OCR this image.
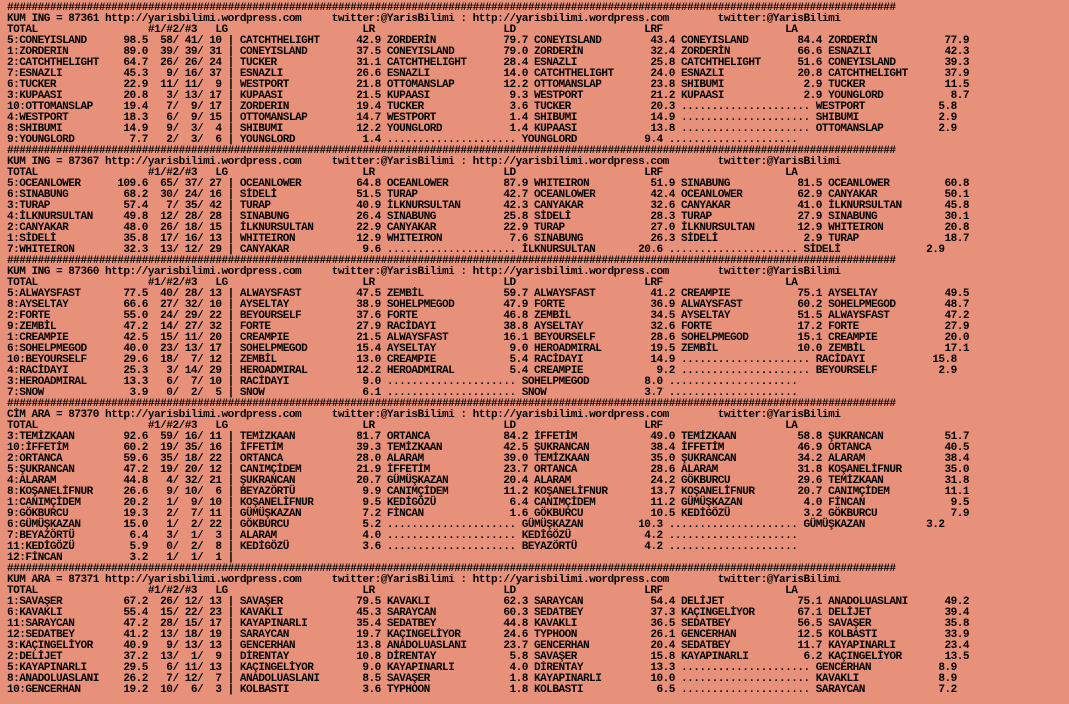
#################################################################################################################################################
KUM ING = 87361 http://yarisbilimi.wordpress.com     twitter:@YarisBilimi : http://yarisbilimi.wordpress.com        twitter:@YarisBilimi
TOTAL                  #1/#2/#3   LG                      LR                     LD                     LRF                    LA
5:CONEYISLAND      98.5  58/ 41/ 10 | CATCHTHELIGHT      42.9 ZORDERİN           79.7 CONEYISLAND        43.4 CONEYISLAND        84.4 ZORDERİN           77.9
1:ZORDERIN         89.0  39/ 39/ 31 | CONEYISLAND        37.5 CONEYISLAND        79.0 ZORDERİN           32.4 ZORDERİN           66.6 ESNAZLI            42.3
2:CATCHTHELIGHT    64.7  26/ 26/ 24 | TUCKER             31.1 CATCHTHELIGHT      28.4 ESNAZLI            25.8 CATCHTHELIGHT      51.6 CONEYISLAND        39.3
7:ESNAZLI          45.3   9/ 16/ 37 | ESNAZLI            26.6 ESNAZLI            14.0 CATCHTHELIGHT      24.0 ESNAZLI            20.8 CATCHTHELIGHT      37.9
6:TUCKER           22.9  11/ 11/  9 | WESTPORT           21.8 OTTOMANSLAP        12.2 OTTOMANSLAP        23.8 SHIBUMI             2.9 TUCKER             11.5
3:KUPAASI          20.8   3/ 13/ 17 | KUPAASI            21.5 KUPAASI             9.3 WESTPORT           21.2 KUPAASI             2.9 YOUNGLORD           8.7
10:OTTOMANSLAP     19.4   7/  9/ 17 | ZORDERIN           19.4 TUCKER              3.6 TUCKER             20.3 ..................... WESTPORT            5.8
4:WESTPORT         18.3   6/  9/ 15 | OTTOMANSLAP        14.7 WESTPORT            1.4 SHIBUMI            14.9 ..................... SHIBUMI             2.9
8:SHIBUMI          14.9   9/  3/  4 | SHIBUMI            12.2 YOUNGLORD           1.4 KUPAASI            13.8 ..................... OTTOMANSLAP         2.9
9:YOUNGLORD         7.7   2/  3/  6 | YOUNGLORD           1.4 ..................... YOUNGLORD           9.4 .....................
#################################################################################################################################################
KUM ING = 87367 http://yarisbilimi.wordpress.com     twitter:@YarisBilimi : http://yarisbilimi.wordpress.com        twitter:@YarisBilimi
TOTAL                  #1/#2/#3   LG                      LR                     LD                     LRF                    LA
5:OCEANLOWER      109.6  65/ 37/ 27 | OCEANLOWER         64.8 OCEANLOWER         87.9 WHITEIRON          51.9 SINABUNG           81.5 OCEANLOWER         60.8
6:SINABUNG         68.2  30/ 24/ 16 | SİDELİ             51.5 TURAP              42.7 OCEANLOWER         42.4 OCEANLOWER         62.9 CANYAKAR           50.1
3:TURAP            57.4   7/ 35/ 42 | TURAP              40.9 İLKNURSULTAN       42.3 CANYAKAR           32.6 CANYAKAR           41.0 İLKNURSULTAN       45.8
4:İLKNURSULTAN     49.8  12/ 28/ 28 | SINABUNG           26.4 SINABUNG           25.8 SİDELİ             28.3 TURAP              27.9 SINABUNG           30.1
2:CANYAKAR         48.0  26/ 18/ 15 | İLKNURSULTAN       22.9 CANYAKAR           22.9 TURAP              27.0 İLKNURSULTAN       12.9 WHITEIRON          20.8
1:SİDELİ           35.8  17/ 16/ 13 | WHITEIRON          12.9 WHITEIRON           7.6 SINABUNG           26.3 SİDELİ              2.9 TURAP              18.7
7:WHITEIRON        32.3  13/ 12/ 29 | CANYAKAR            9.6 ..................... İLKNURSULTAN       20.6 ..................... SİDELİ              2.9
#################################################################################################################################################
KUM ING = 87360 http://yarisbilimi.wordpress.com     twitter:@YarisBilimi : http://yarisbilimi.wordpress.com        twitter:@YarisBilimi
TOTAL                  #1/#2/#3   LG                      LR                     LD                     LRF                    LA
5:ALWAYSFAST       77.5  40/ 28/ 13 | ALWAYSFAST         47.5 ZEMBİL             59.7 ALWAYSFAST         41.2 CREAMPIE           75.1 AYSELTAY           49.5
8:AYSELTAY         66.6  27/ 32/ 10 | AYSELTAY           38.9 SOHELPMEGOD        47.9 FORTE              36.9 ALWAYSFAST         60.2 SOHELPMEGOD        48.7
2:FORTE            55.0  24/ 29/ 22 | BEYOURSELF         37.6 FORTE              46.8 ZEMBİL             34.5 AYSELTAY           51.5 ALWAYSFAST         47.2
9:ZEMBİL           47.2  14/ 27/ 32 | FORTE              27.9 RACİDAYI           38.8 AYSELTAY           32.6 FORTE              17.2 FORTE              27.9
1:CREAMPIE         42.5  15/ 11/ 20 | CREAMPIE           21.5 ALWAYSFAST         16.1 BEYOURSELF         28.6 SOHELPMEGOD        15.1 CREAMPIE           20.0
6:SOHELPMEGOD      40.0  23/ 13/ 17 | SOHELPMEGOD        15.4 AYSELTAY            9.0 HEROADMIRAL        19.5 ZEMBİL             10.0 ZEMBİL             17.1
10:BEYOURSELF      29.6  18/  7/ 12 | ZEMBİL             13.0 CREAMPIE            5.4 RACİDAYI           14.9 ..................... RACİDAYI           15.8
4:RACİDAYI         25.3   3/ 14/ 29 | HEROADMIRAL        12.2 HEROADMIRAL         5.4 CREAMPIE            9.2 ..................... BEYOURSELF          2.9
3:HEROADMIRAL      13.3   6/  7/ 10 | RACİDAYI            9.0 ..................... SOHELPMEGOD         8.0 .....................
7:SNOW              3.9   0/  2/  5 | SNOW                6.1 ..................... SNOW                3.7 .....................
#################################################################################################################################################
CİM ARA = 87370 http://yarisbilimi.wordpress.com     twitter:@YarisBilimi : http://yarisbilimi.wordpress.com        twitter:@YarisBilimi
TOTAL                  #1/#2/#3   LG                      LR                     LD                     LRF                    LA
3:TEMİZKAAN        92.6  59/ 16/ 11 | TEMİZKAAN          81.7 ORTANCA            84.2 İFFETİM            49.0 TEMİZKAAN          58.8 ŞUKRANCAN          51.7
10:İFFETİM         60.2  19/ 35/ 16 | İFFETİM            39.3 TEMİZKAAN          42.5 ŞUKRANCAN          38.4 İFFETİM            46.9 ORTANCA            40.5
2:ORTANCA          59.6  35/ 18/ 22 | ORTANCA            28.0 ALARAM             39.0 TEMİZKAAN          35.0 ŞUKRANCAN          34.2 ALARAM             38.4
5:ŞUKRANCAN        47.2  19/ 20/ 12 | CANIMÇİDEM         21.9 İFFETİM            23.7 ORTANCA            28.6 ALARAM             31.8 KOŞANELİFNUR       35.0
4:ALARAM           44.8   4/ 32/ 21 | ŞUKRANCAN          20.7 GÜMÜŞKAZAN         20.4 ALARAM             24.2 GÖKBURCU           29.6 TEMİZKAAN          31.8
8:KOŞANELİFNUR     26.6   9/ 10/  6 | BEYAZÖRTÜ           9.9 CANIMÇİDEM         11.2 KOŞANELİFNUR       13.7 KOŞANELİFNUR       20.7 CANIMÇİDEM         11.1
1:CANIMÇİDEM       20.2   1/  9/ 10 | KOŞANELİFNUR        9.5 KEDİGÖZÜ            6.4 CANIMÇİDEM         11.2 GÜMÜŞKAZAN          4.0 FİNCAN              9.5
9:GÖKBURCU         19.3   2/  7/ 11 | GÜMÜŞKAZAN          7.2 FİNCAN              1.6 GÖKBURCU           10.5 KEDİGÖZÜ            3.2 GÖKBURCU            7.9
6:GÜMÜŞKAZAN       15.0   1/  2/ 22 | GÖKBURCU            5.2 ..................... GÜMÜŞKAZAN         10.3 ..................... GÜMÜŞKAZAN          3.2
7:BEYAZÖRTÜ         6.4   3/  1/  3 | ALARAM              4.0 ..................... KEDİGÖZÜ            4.2 .....................
11:KEDİGÖZÜ         5.9   0/  2/  8 | KEDİGÖZÜ            3.6 ..................... BEYAZÖRTÜ           4.2 .....................
12:FİNCAN           3.2   1/  1/  1 |
#################################################################################################################################################
KUM ARA = 87371 http://yarisbilimi.wordpress.com     twitter:@YarisBilimi : http://yarisbilimi.wordpress.com        twitter:@YarisBilimi
TOTAL                  #1/#2/#3   LG                      LR                     LD                     LRF                    LA
1:SAVAŞER          67.2  26/ 12/ 13 | SAVAŞER            79.5 KAVAKLI            62.3 SARAYCAN           54.4 DELİJET            75.1 ANADOLUASLANI      49.2
6:KAVAKLI          55.4  15/ 22/ 23 | KAVAKLI            45.3 SARAYCAN           60.3 SEDATBEY           37.3 KAÇINGELİYOR       67.1 DELİJET            39.4
11:SARAYCAN        47.2  28/ 15/ 17 | KAYAPINARLI        35.4 SEDATBEY           44.8 KAVAKLI            36.5 SEDATBEY           56.5 SAVAŞER            35.8
12:SEDATBEY        41.2  13/ 18/ 19 | SARAYCAN           19.7 KAÇINGELİYOR       24.6 TYPHOON            26.1 GENCERHAN          12.5 KOLBASTI           33.9
3:KAÇINGELİYOR     40.9   9/ 13/ 13 | GENCERHAN          13.8 ANADOLUASLANI      23.7 GENCERHAN          20.4 SEDATBEY           11.7 KAYAPINARLI        23.4
2:DELİJET          37.2  13/  1/  9 | DİRENTAY           10.8 DİRENTAY            5.8 SAVAŞER            15.8 KAYAPINARLI         6.2 KAÇINGELİYOR       13.5
5:KAYAPINARLI      29.5   6/ 11/ 13 | KAÇINGELİYOR        9.0 KAYAPINARLI         4.0 DİRENTAY           13.3 ..................... GENCERHAN           8.9
8:ANADOLUASLANI    26.2   7/ 12/  7 | ANADOLUASLANI       8.5 SAVAŞER             1.8 KAYAPINARLI        10.0 ..................... KAVAKLI             8.9
10:GENCERHAN       19.2  10/  6/  3 | KOLBASTI            3.6 TYPHOON             1.8 KOLBASTI            6.5 ..................... SARAYCAN            7.2
